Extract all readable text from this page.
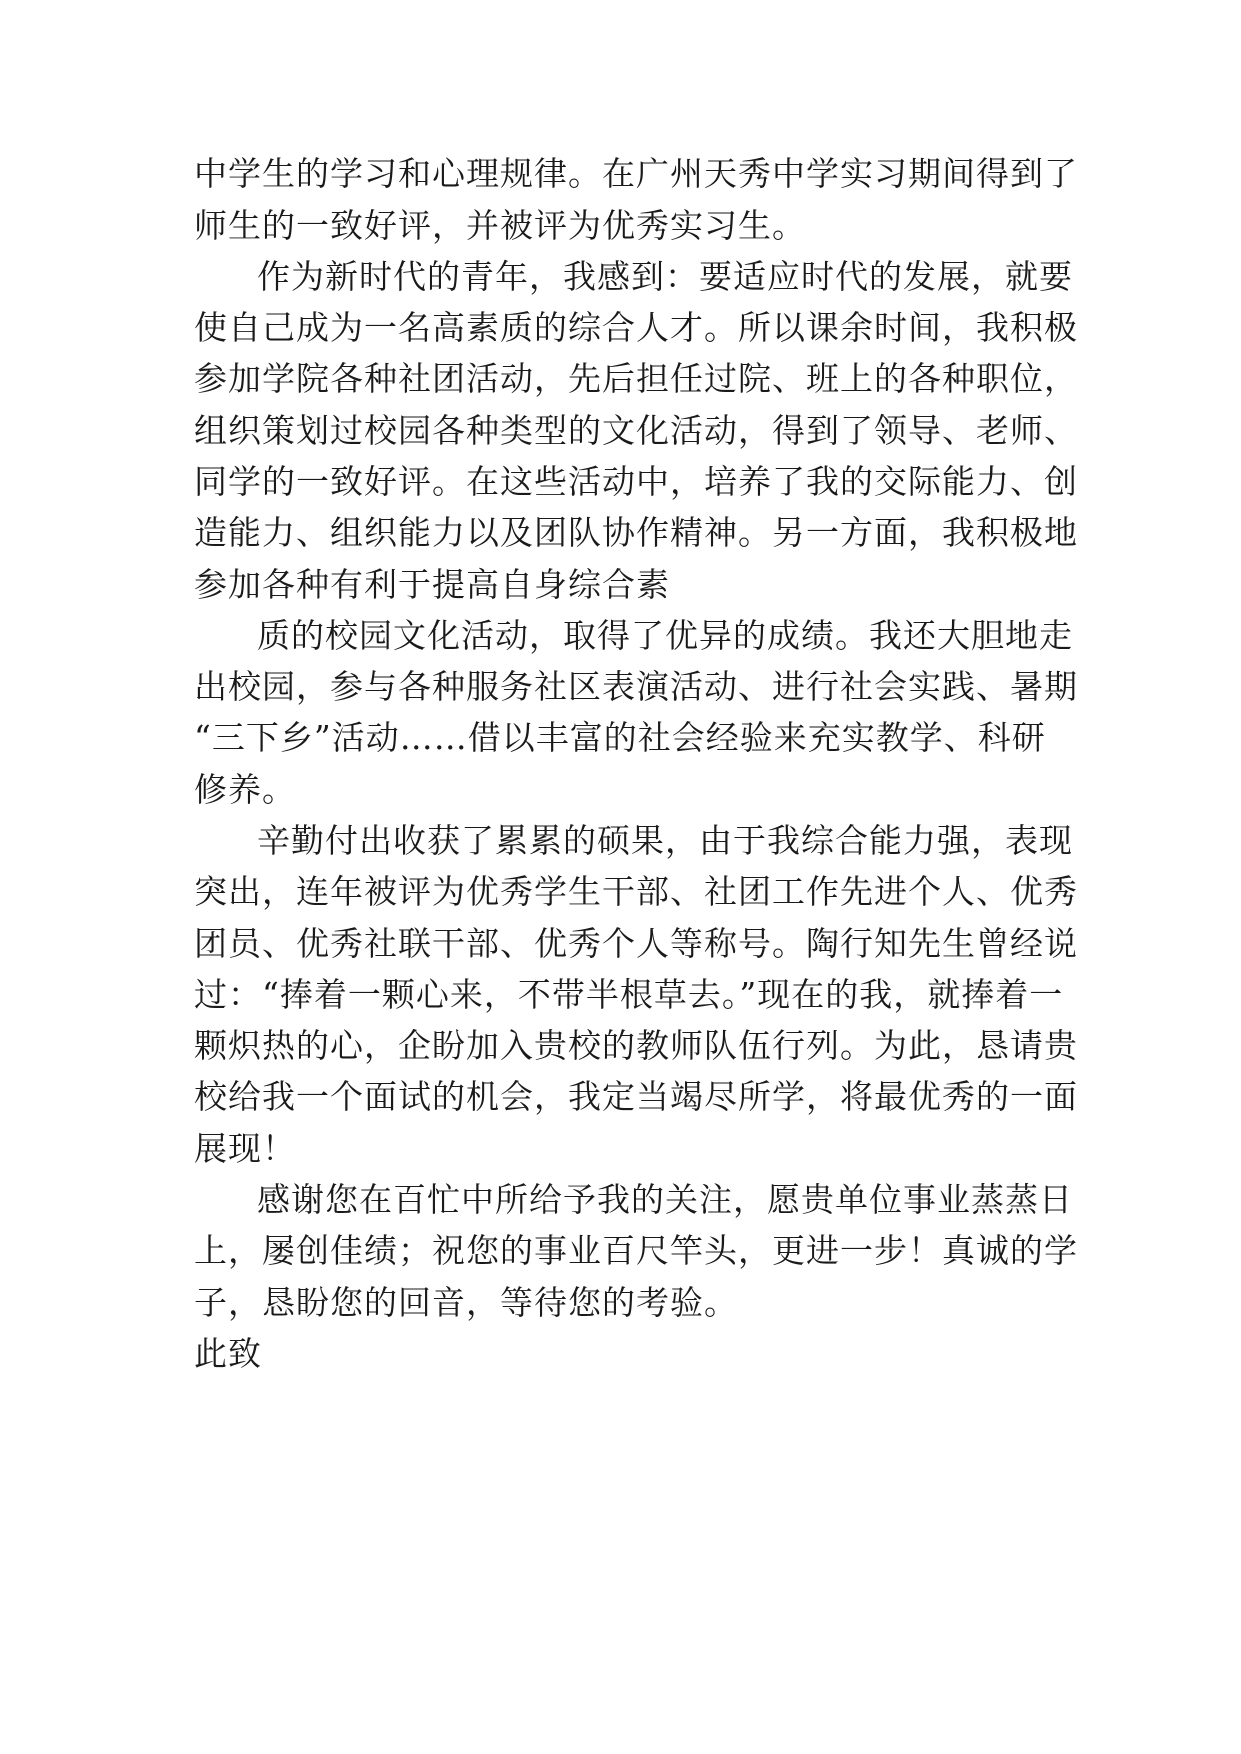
中学生的学习和心理规律。在广州天秀中学实习期间得到了
师生的一致好评，并被评为优秀实习生。
作为新时代的青年，我感到：要适应时代的发展，就要
使自己成为一名高素质的综合人才。所以课余时间，我积极
参加学院各种社团活动，先后担任过院、班上的各种职位，
组织策划过校园各种类型的文化活动，得到了领导、老师、
同学的一致好评。在这些活动中，培养了我的交际能力、创
造能力、组织能力以及团队协作精神。另一方面，我积极地
参加各种有利于提高自身综合素
质的校园文化活动，取得了优异的成绩。我还大胆地走
出校园，参与各种服务社区表演活动、进行社会实践、暑期
“三下乡”活动……借以丰富的社会经验来充实教学、科研
修养。
辛勤付出收获了累累的硕果，由于我综合能力强，表现
突出，连年被评为优秀学生干部、社团工作先进个人、优秀
团员、优秀社联干部、优秀个人等称号。陶行知先生曾经说
过：“捧着一颗心来，不带半根草去。”现在的我，就捧着一
颗炽热的心，企盼加入贵校的教师队伍行列。为此，恳请贵
校给我一个面试的机会，我定当竭尽所学，将最优秀的一面
展现！
感谢您在百忙中所给予我的关注，愿贵单位事业蒸蒸日
上，屡创佳绩；祝您的事业百尺竿头，更进一步！真诚的学
子，恳盼您的回音，等待您的考验。
此致
